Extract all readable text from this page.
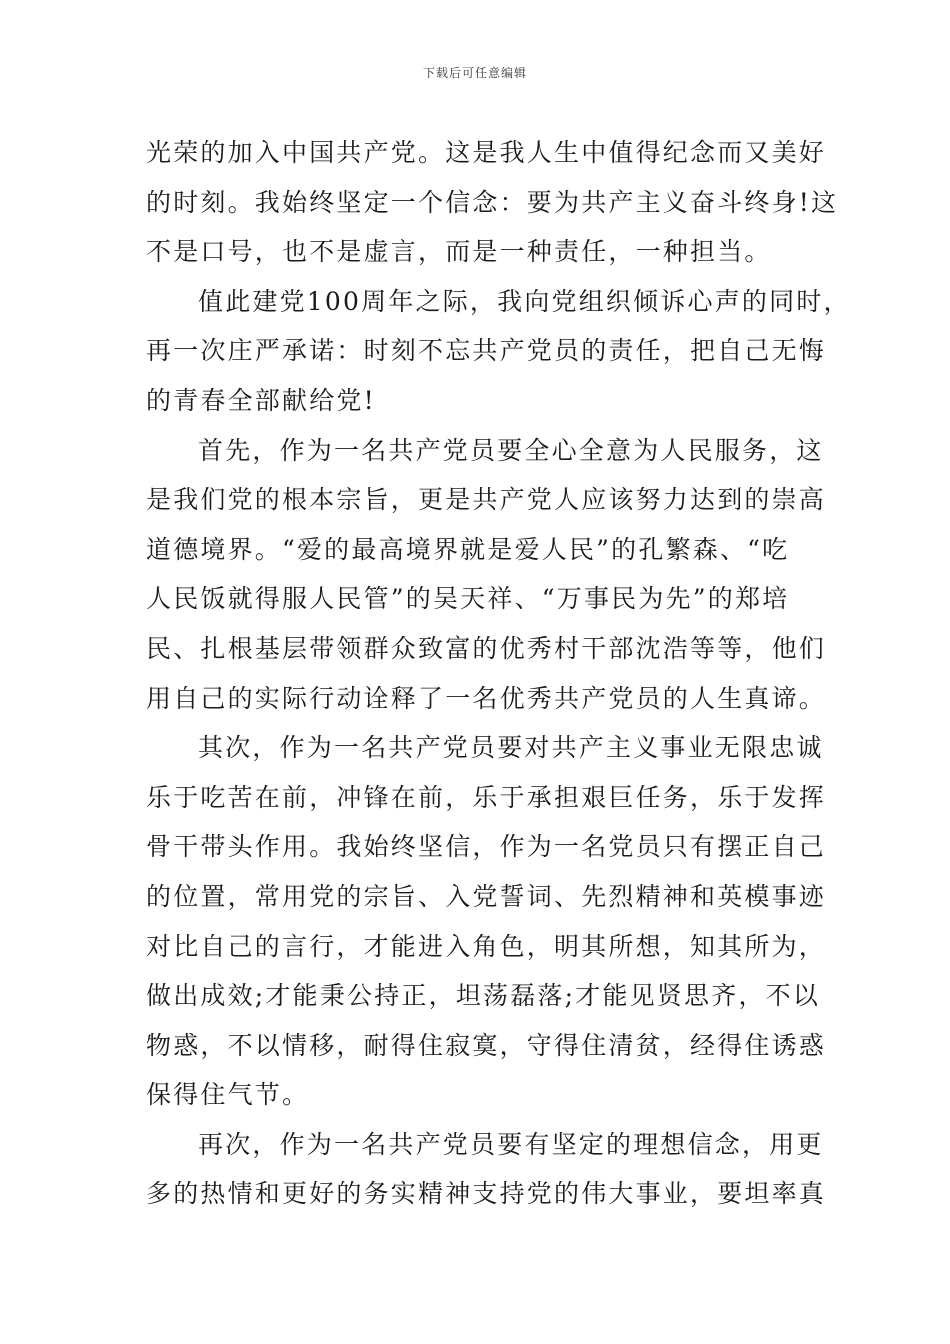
下载后可任意编辑
光荣的加入中国共产党。这是我人生中值得纪念而又美好
的时刻。我始终坚定一个信念：要为共产主义奋斗终身!这
不是口号，也不是虚言，而是一种责任，一种担当。
值此建党100周年之际，我向党组织倾诉心声的同时，
再一次庄严承诺：时刻不忘共产党员的责任，把自己无悔
的青春全部献给党!
首先，作为一名共产党员要全心全意为人民服务，这
是我们党的根本宗旨，更是共产党人应该努力达到的崇高
道德境界。“爱的最高境界就是爱人民”的孔繁森、“吃
人民饭就得服人民管”的吴天祥、“万事民为先”的郑培
民、扎根基层带领群众致富的优秀村干部沈浩等等，他们
用自己的实际行动诠释了一名优秀共产党员的人生真谛。
其次，作为一名共产党员要对共产主义事业无限忠诚
乐于吃苦在前，冲锋在前，乐于承担艰巨任务，乐于发挥
骨干带头作用。我始终坚信，作为一名党员只有摆正自己
的位置，常用党的宗旨、入党誓词、先烈精神和英模事迹
对比自己的言行，才能进入角色，明其所想，知其所为，
做出成效;才能秉公持正，坦荡磊落;才能见贤思齐，不以
物惑，不以情移，耐得住寂寞，守得住清贫，经得住诱惑
保得住气节。
再次，作为一名共产党员要有坚定的理想信念，用更
多的热情和更好的务实精神支持党的伟大事业，要坦率真
